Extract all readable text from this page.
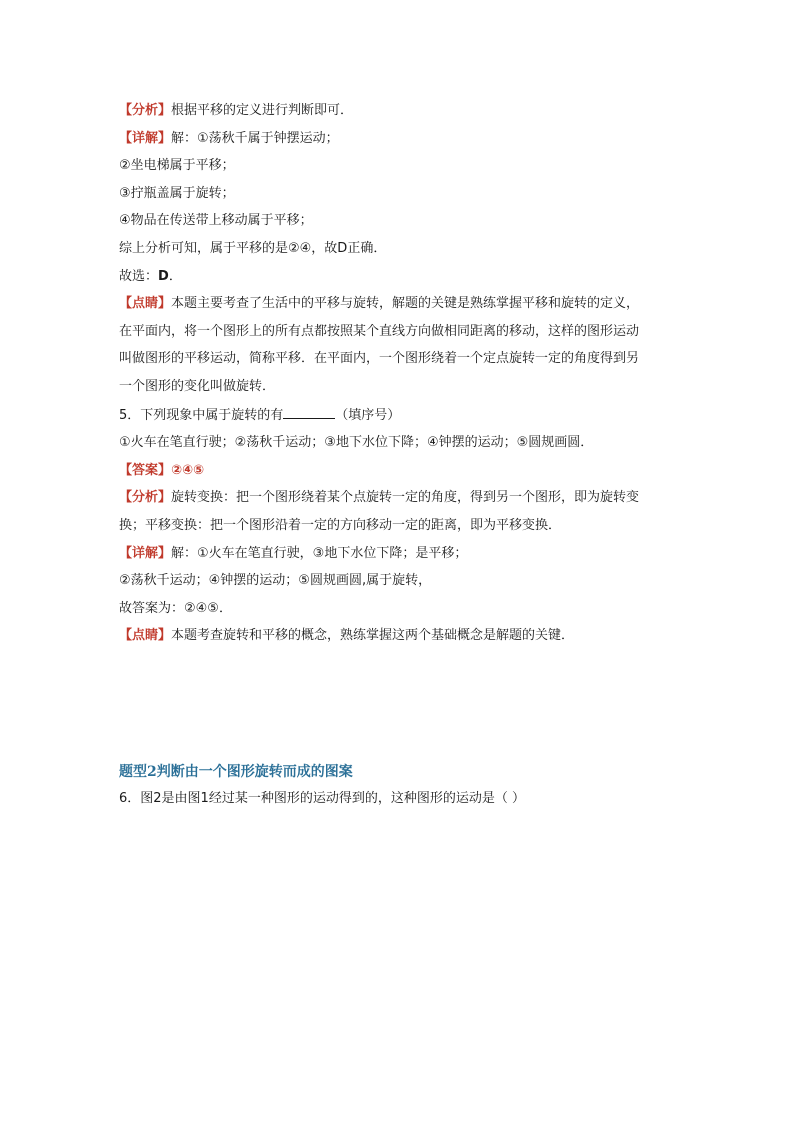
【分析】根据平移的定义进行判断即可．
【详解】解：①荡秋千属于钟摆运动；
②坐电梯属于平移；
③拧瓶盖属于旋转；
④物品在传送带上移动属于平移；
综上分析可知，属于平移的是②④，故D正确．
故选：D．
【点睛】本题主要考查了生活中的平移与旋转，解题的关键是熟练掌握平移和旋转的定义，
在平面内，将一个图形上的所有点都按照某个直线方向做相同距离的移动，这样的图形运动
叫做图形的平移运动，简称平移．在平面内，一个图形绕着一个定点旋转一定的角度得到另
一个图形的变化叫做旋转．
5．下列现象中属于旋转的有	（填序号）
①火车在笔直行驶；②荡秋千运动；③地下水位下降；④钟摆的运动；⑤圆规画圆．
【答案】②④⑤
【分析】旋转变换：把一个图形绕着某个点旋转一定的角度，得到另一个图形，即为旋转变
换；平移变换：把一个图形沿着一定的方向移动一定的距离，即为平移变换．
【详解】解：①火车在笔直行驶，③地下水位下降；是平移；
②荡秋千运动；④钟摆的运动；⑤圆规画圆,属于旋转，
故答案为：②④⑤．
【点睛】本题考查旋转和平移的概念，熟练掌握这两个基础概念是解题的关键．
题型2判断由一个图形旋转而成的图案
6．图2是由图1经过某一种图形的运动得到的，这种图形的运动是（ ）
